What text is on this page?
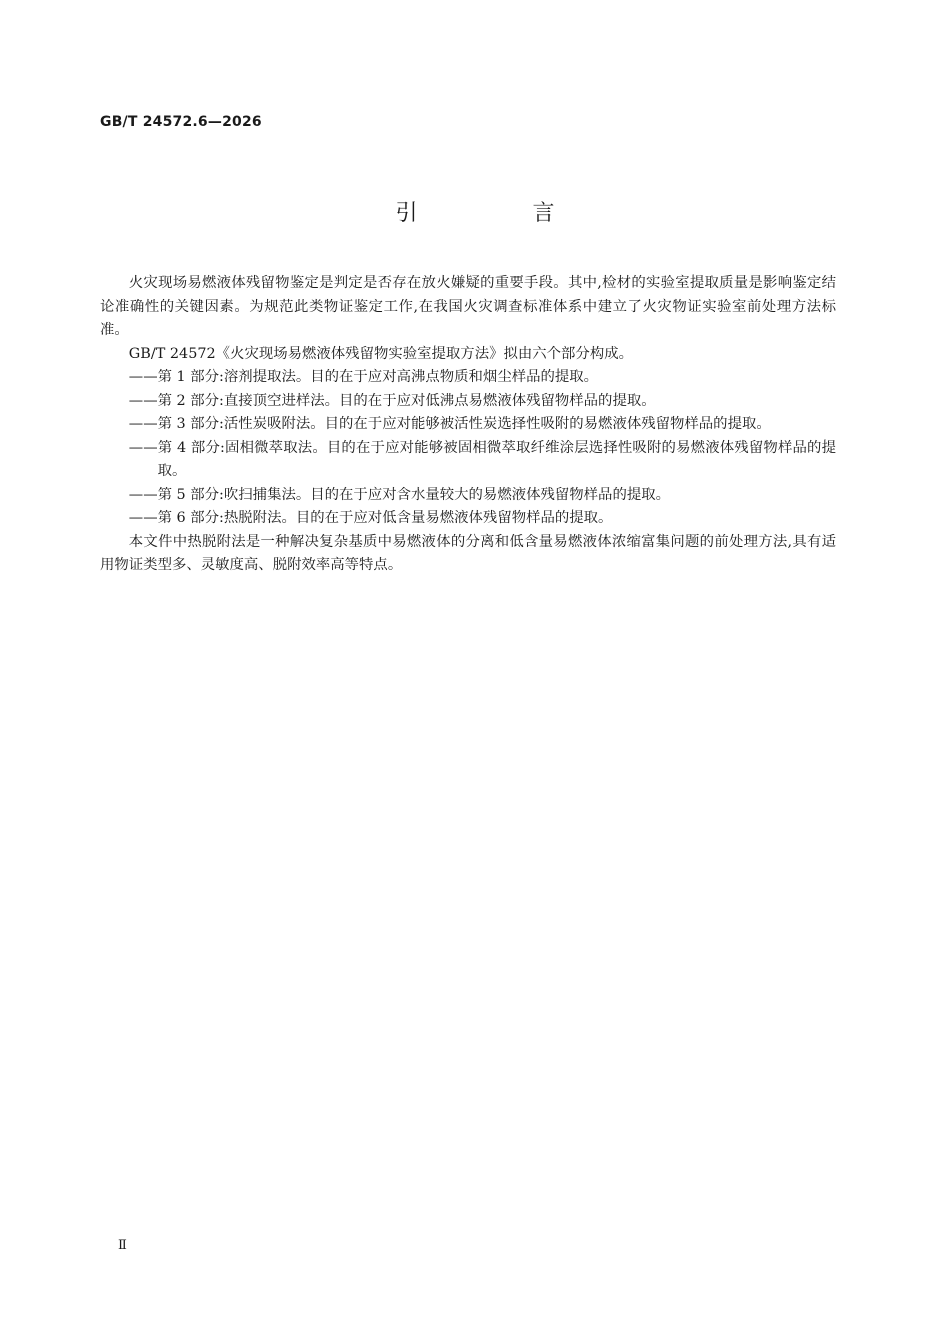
GB/T 24572.6—2026
引 言

火灾现场易燃液体残留物鉴定是判定是否存在放火嫌疑的重要手段。其中,检材的实验室提取质量是影响鉴定结论准确性的关键因素。为规范此类物证鉴定工作,在我国火灾调查标准体系中建立了火灾物证实验室前处理方法标准。

GB/T 24572《火灾现场易燃液体残留物实验室提取方法》拟由六个部分构成。

——第 1 部分:溶剂提取法。目的在于应对高沸点物质和烟尘样品的提取。

——第 2 部分:直接顶空进样法。目的在于应对低沸点易燃液体残留物样品的提取。

——第 3 部分:活性炭吸附法。目的在于应对能够被活性炭选择性吸附的易燃液体残留物样品的提取。

——第 4 部分:固相微萃取法。目的在于应对能够被固相微萃取纤维涂层选择性吸附的易燃液体残留物样品的提取。

——第 5 部分:吹扫捕集法。目的在于应对含水量较大的易燃液体残留物样品的提取。

——第 6 部分:热脱附法。目的在于应对低含量易燃液体残留物样品的提取。

本文件中热脱附法是一种解决复杂基质中易燃液体的分离和低含量易燃液体浓缩富集问题的前处理方法,具有适用物证类型多、灵敏度高、脱附效率高等特点。

Ⅱ
